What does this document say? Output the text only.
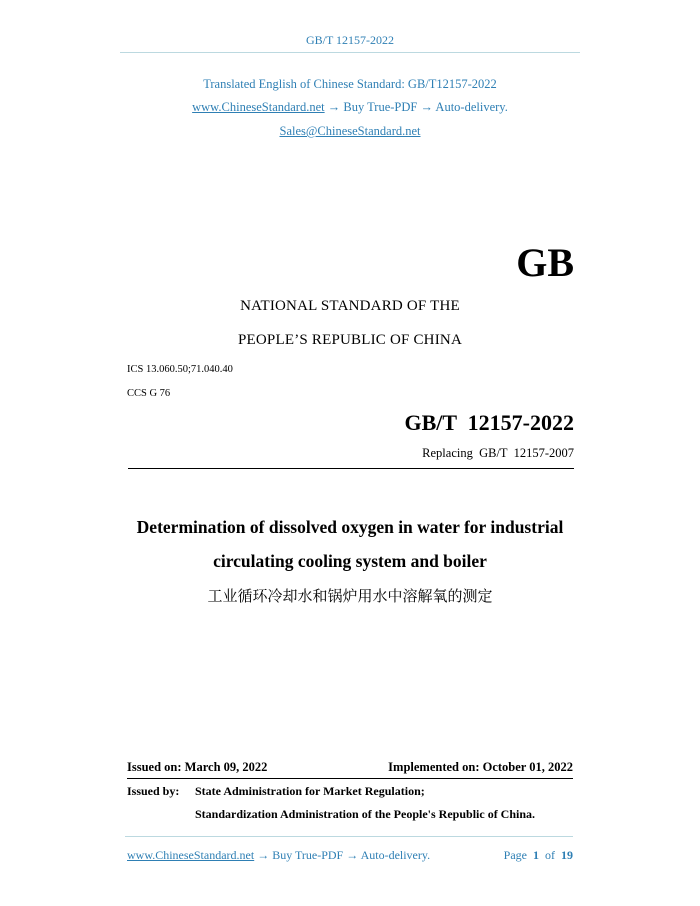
GB/T 12157-2022
Translated English of Chinese Standard: GB/T12157-2022
www.ChineseStandard.net → Buy True-PDF → Auto-delivery.
Sales@ChineseStandard.net
GB
NATIONAL STANDARD OF THE
PEOPLE’S REPUBLIC OF CHINA
ICS 13.060.50;71.040.40
CCS G 76
GB/T  12157-2022
Replacing  GB/T  12157-2007
Determination of dissolved oxygen in water for industrial
circulating cooling system and boiler
工业循环冷却水和锅炉用水中溶解氧的测定
Issued on: March 09, 2022	Implemented on: October 01, 2022
Issued by: State Administration for Market Regulation;
Standardization Administration of the People's Republic of China.
www.ChineseStandard.net → Buy True-PDF → Auto-delivery.	Page 1 of 19
